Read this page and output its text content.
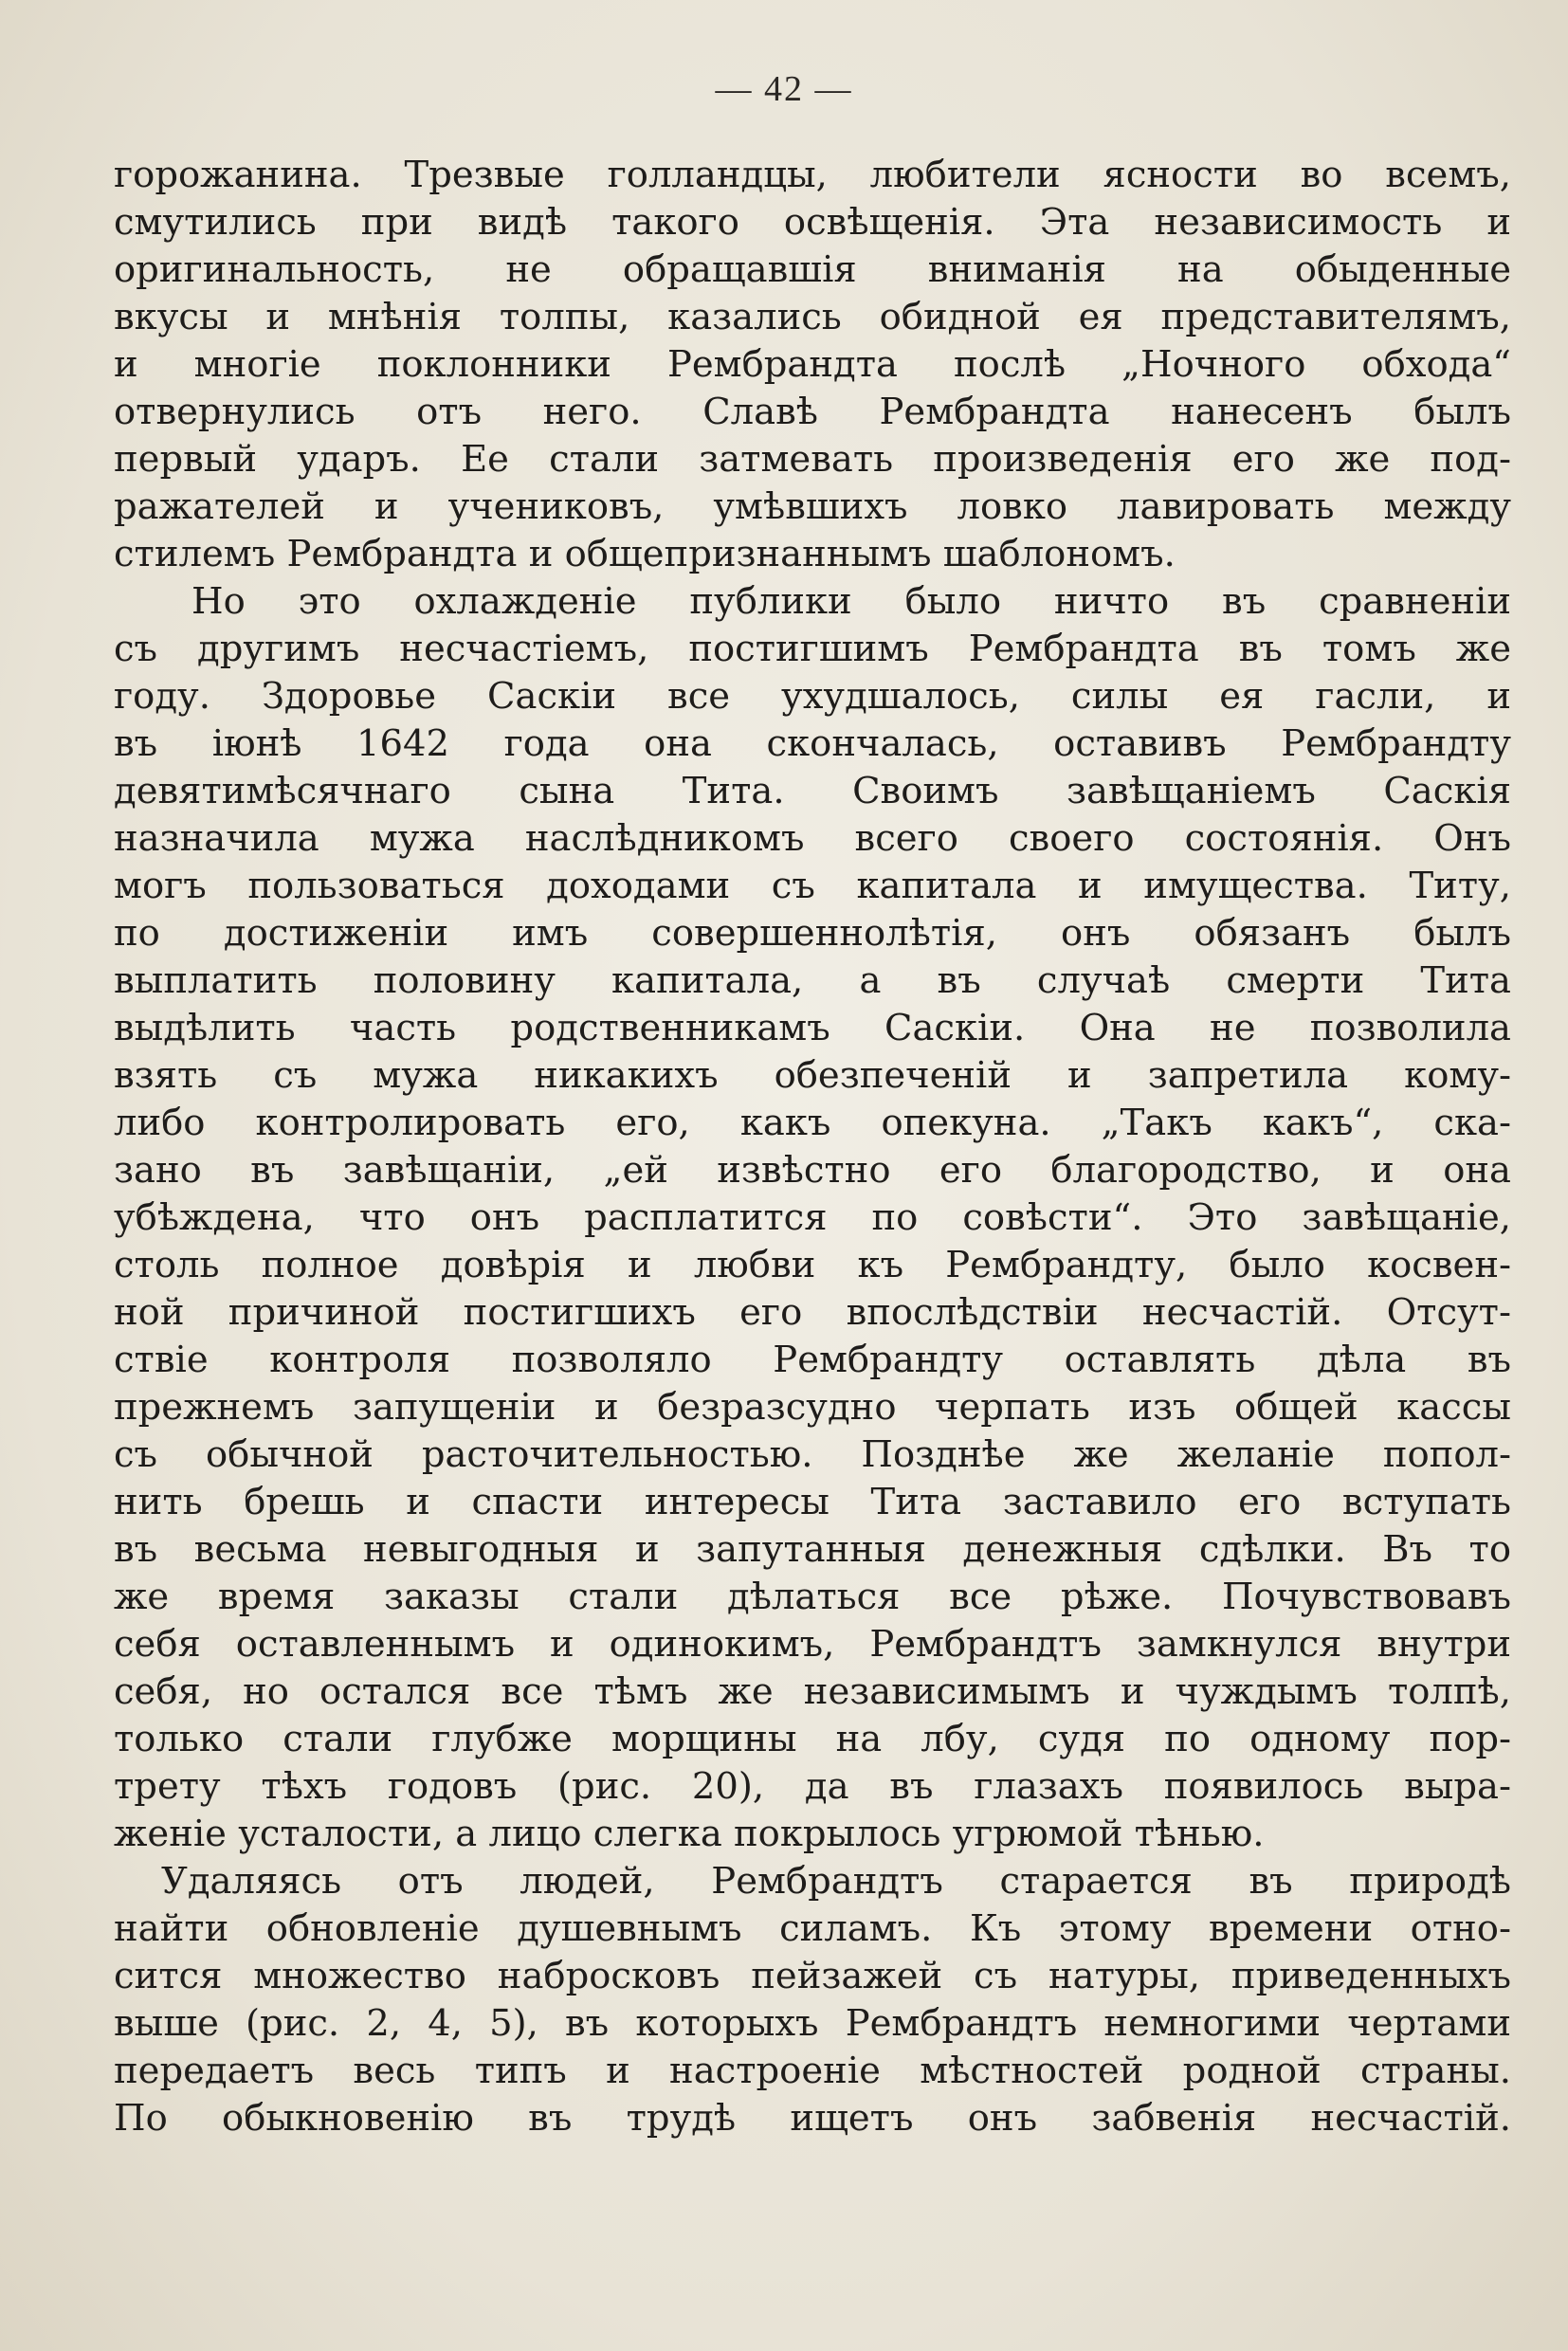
— 42 —
горожанина. Трезвые голландцы, любители ясности во всемъ,
смутились при видѣ такого освѣщенія. Эта независимость и
оригинальность, не обращавшія вниманія на обыденные
вкусы и мнѣнія толпы, казались обидной ея представителямъ,
и многіе поклонники Рембрандта послѣ „Ночного обхода“
отвернулись отъ него. Славѣ Рембрандта нанесенъ былъ
первый ударъ. Ее стали затмевать произведенія его же под-
ражателей и учениковъ, умѣвшихъ ловко лавировать между
стилемъ Рембрандта и общепризнаннымъ шаблономъ.
Но это охлажденіе публики было ничто въ сравненіи
съ другимъ несчастіемъ, постигшимъ Рембрандта въ томъ же
году. Здоровье Саскіи все ухудшалось, силы ея гасли, и
въ іюнѣ 1642 года она скончалась, оставивъ Рембрандту
девятимѣсячнаго сына Тита. Своимъ завѣщаніемъ Саскія
назначила мужа наслѣдникомъ всего своего состоянія. Онъ
могъ пользоваться доходами съ капитала и имущества. Титу,
по достиженіи имъ совершеннолѣтія, онъ обязанъ былъ
выплатить половину капитала, а въ случаѣ смерти Тита
выдѣлить часть родственникамъ Саскіи. Она не позволила
взять съ мужа никакихъ обезпеченій и запретила кому-
либо контролировать его, какъ опекуна. „Такъ какъ“, ска-
зано въ завѣщаніи, „ей извѣстно его благородство, и она
убѣждена, что онъ расплатится по совѣсти“. Это завѣщаніе,
столь полное довѣрія и любви къ Рембрандту, было косвен-
ной причиной постигшихъ его впослѣдствіи несчастій. Отсут-
ствіе контроля позволяло Рембрандту оставлять дѣла въ
прежнемъ запущеніи и безразсудно черпать изъ общей кассы
съ обычной расточительностью. Позднѣе же желаніе попол-
нить брешь и спасти интересы Тита заставило его вступать
въ весьма невыгодныя и запутанныя денежныя сдѣлки. Въ то
же время заказы стали дѣлаться все рѣже. Почувствовавъ
себя оставленнымъ и одинокимъ, Рембрандтъ замкнулся внутри
себя, но остался все тѣмъ же независимымъ и чуждымъ толпѣ,
только стали глубже морщины на лбу, судя по одному пор-
трету тѣхъ годовъ (рис. 20), да въ глазахъ появилось выра-
женіе усталости, а лицо слегка покрылось угрюмой тѣнью.
Удаляясь отъ людей, Рембрандтъ старается въ природѣ
найти обновленіе душевнымъ силамъ. Къ этому времени отно-
сится множество набросковъ пейзажей съ натуры, приведенныхъ
выше (рис. 2, 4, 5), въ которыхъ Рембрандтъ немногими чертами
передаетъ весь типъ и настроеніе мѣстностей родной страны.
По обыкновенію въ трудѣ ищетъ онъ забвенія несчастій.
